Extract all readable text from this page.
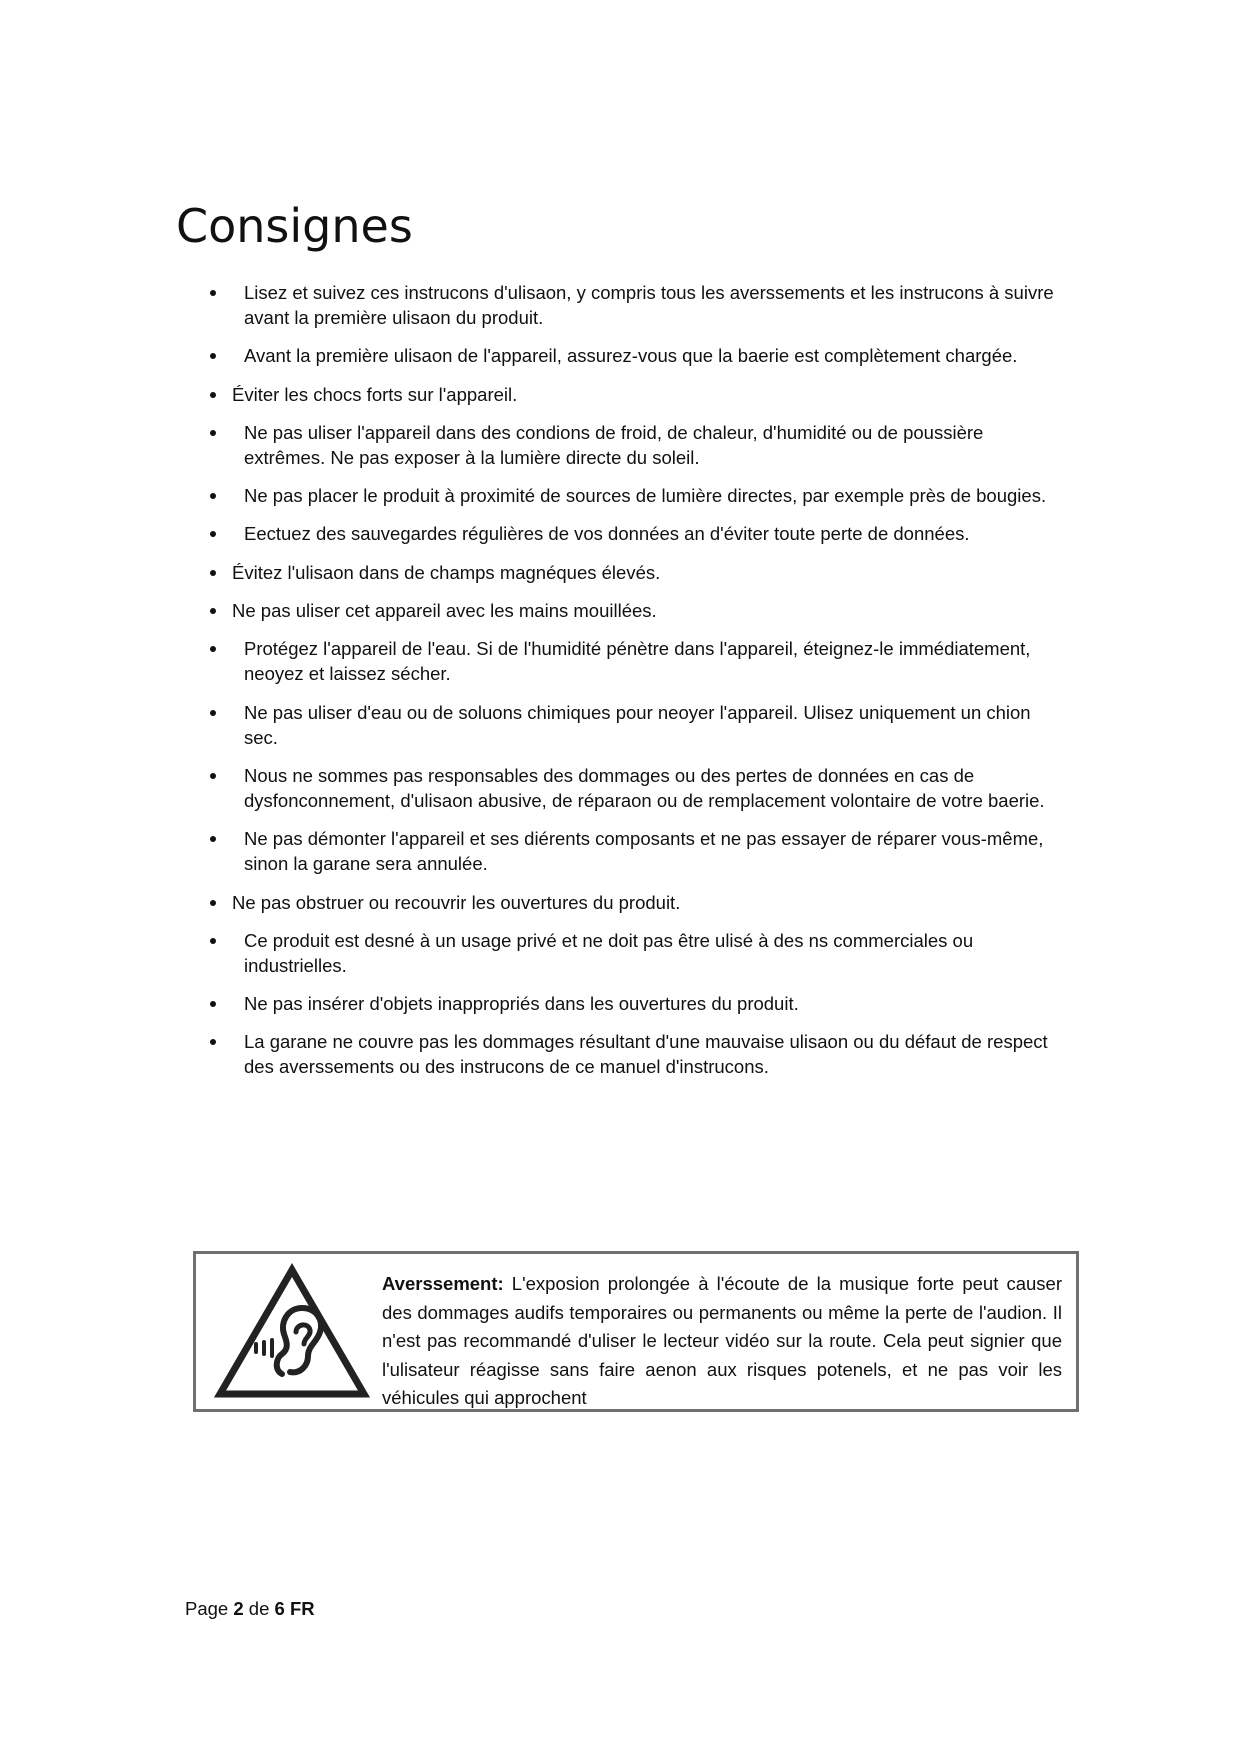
Consignes
Lisez et suivez ces instrucons d'ulisaon, y compris tous les averssements et les instrucons à suivre avant la première ulisaon du produit.
Avant la première ulisaon de l'appareil, assurez-vous que la baerie est complètement chargée.
Éviter les chocs forts sur l'appareil.
Ne pas uliser l'appareil dans des condions de froid, de chaleur, d'humidité ou de poussière extrêmes. Ne pas exposer à la lumière directe du soleil.
Ne pas placer le produit à proximité de sources de lumière directes, par exemple près de bougies.
Eectuez des sauvegardes régulières de vos données an d'éviter toute perte de données.
Évitez l'ulisaon dans de champs magnéques élevés.
Ne pas uliser cet appareil avec les mains mouillées.
Protégez l'appareil de l'eau. Si de l'humidité pénètre dans l'appareil, éteignez-le immédiatement, neoyez et laissez sécher.
Ne pas uliser d'eau ou de soluons chimiques pour neoyer l'appareil. Ulisez uniquement un chion sec.
Nous ne sommes pas responsables des dommages ou des pertes de données en cas de dysfonconnement, d'ulisaon abusive, de réparaon ou de remplacement volontaire de votre baerie.
Ne pas démonter l'appareil et ses diérents composants et ne pas essayer de réparer vous-même, sinon la garane sera annulée.
Ne pas obstruer ou recouvrir les ouvertures du produit.
Ce produit est desné à un usage privé et ne doit pas être ulisé à des ns commerciales ou industrielles.
Ne pas insérer d'objets inappropriés dans les ouvertures du produit.
La garane ne couvre pas les dommages résultant d'une mauvaise ulisaon ou du défaut de respect des averssements ou des instrucons de ce manuel d'instrucons.

Averssement: L'exposion prolongée à l'écoute de la musique forte peut causer des dommages audifs temporaires ou permanents ou même la perte de l'audion. Il n'est pas recommandé d'uliser le lecteur vidéo sur la route. Cela peut signier que l'ulisateur réagisse sans faire aenon aux risques potenels, et ne pas voir les véhicules qui approchent

Page 2 de 6 FR
